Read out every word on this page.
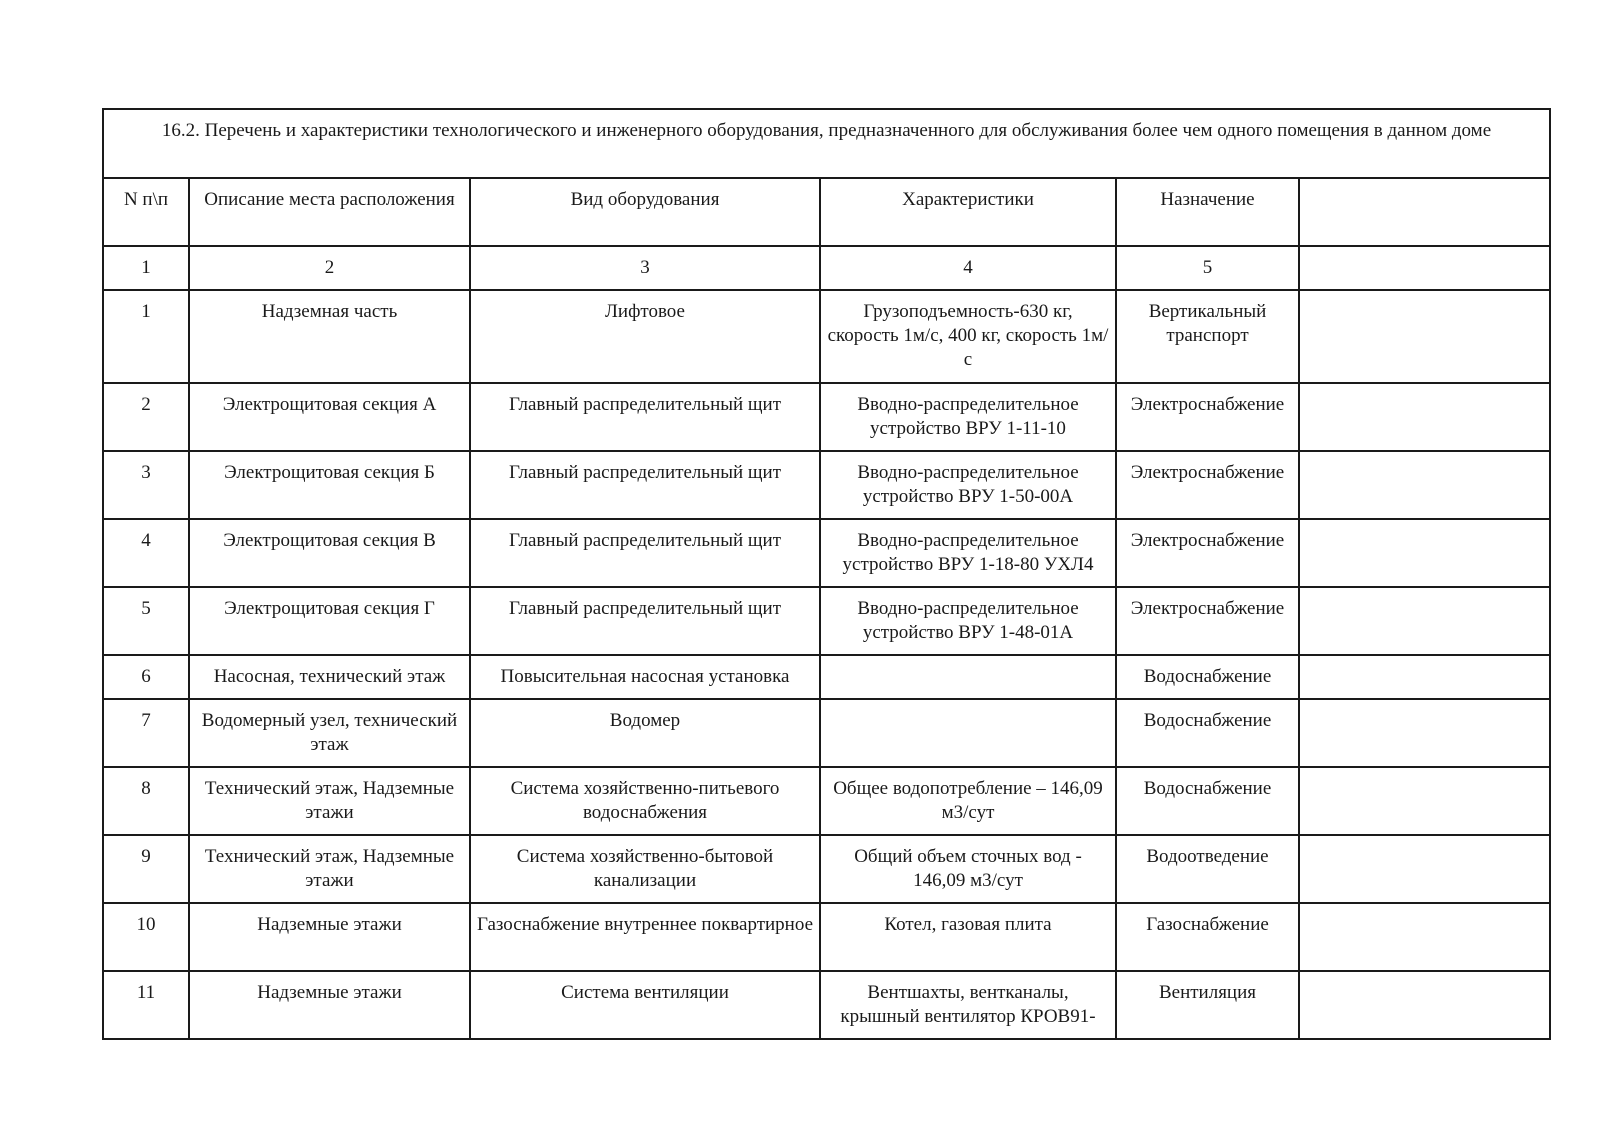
16.2. Перечень и характеристики технологического и инженерного оборудования, предназначенного для обслуживания более чем одного помещения в данном доме					
N п\п	Описание места расположения	Вид оборудования	Характеристики	Назначение	
1	2	3	4	5	
1	Надземная часть	Лифтовое	Грузоподъемность-630 кг, скорость 1м/с, 400 кг, скорость 1м/с	Вертикальный транспорт	
2	Электрощитовая секция А	Главный распределительный щит	Вводно-распределительное устройство ВРУ 1-11-10	Электроснабжение	
3	Электрощитовая секция Б	Главный распределительный щит	Вводно-распределительное устройство ВРУ 1-50-00А	Электроснабжение	
4	Электрощитовая секция В	Главный распределительный щит	Вводно-распределительное устройство ВРУ 1-18-80 УХЛ4	Электроснабжение	
5	Электрощитовая секция Г	Главный распределительный щит	Вводно-распределительное устройство ВРУ 1-48-01А	Электроснабжение	
6	Насосная, технический этаж	Повысительная насосная установка		Водоснабжение	
7	Водомерный узел, технический этаж	Водомер		Водоснабжение	
8	Технический этаж, Надземные этажи	Система хозяйственно-питьевого водоснабжения	Общее водопотребление – 146,09 м3/сут	Водоснабжение	
9	Технический этаж, Надземные этажи	Система хозяйственно-бытовой канализации	Общий объем сточных вод - 146,09 м3/сут	Водоотведение	
10	Надземные этажи	Газоснабжение внутреннее поквартирное	Котел, газовая плита	Газоснабжение	
11	Надземные этажи	Система вентиляции	Вентшахты, вентканалы, крышный вентилятор КРОВ91-	Вентиляция	
